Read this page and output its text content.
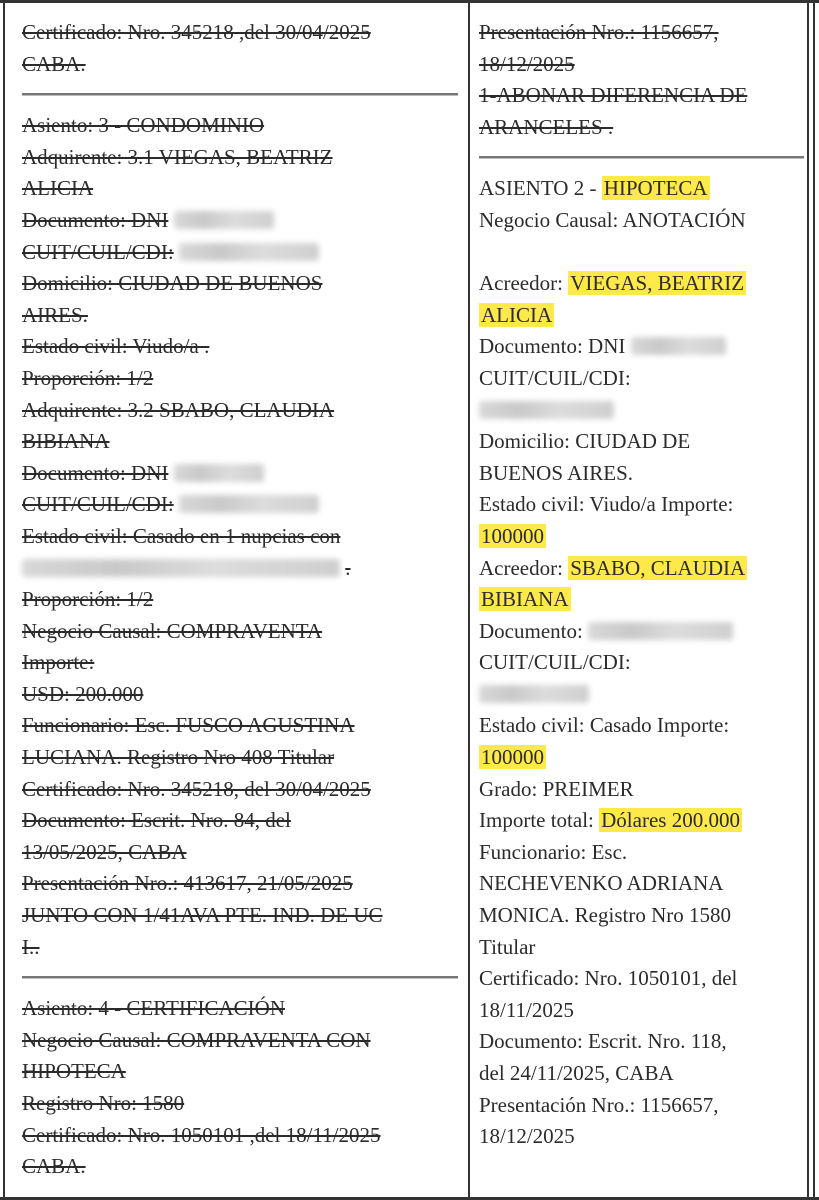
Certificado: Nro. 345218 ,del 30/04/2025
CABA.
Asiento: 3 - CONDOMINIO
Adquirente: 3.1 VIEGAS, BEATRIZ
ALICIA
Documento: DNI
CUIT/CUIL/CDI:
Domicilio: CIUDAD DE BUENOS
AIRES.
Estado civil: Viudo/a .
Proporción: 1/2
Adquirente: 3.2 SBABO, CLAUDIA
BIBIANA
Documento: DNI
CUIT/CUIL/CDI:
Estado civil: Casado en 1 nupcias con
.
Proporción: 1/2
Negocio Causal: COMPRAVENTA
Importe:
USD: 200.000
Funcionario: Esc. FUSCO AGUSTINA
LUCIANA. Registro Nro 408 Titular
Certificado: Nro. 345218, del 30/04/2025
Documento: Escrit. Nro. 84, del
13/05/2025, CABA
Presentación Nro.: 413617, 21/05/2025
JUNTO CON 1/41AVA PTE. IND. DE UC
I..
Asiento: 4 - CERTIFICACIÓN
Negocio Causal: COMPRAVENTA CON
HIPOTECA
Registro Nro: 1580
Certificado: Nro. 1050101 ,del 18/11/2025
CABA.
Presentación Nro.: 1156657,
18/12/2025
1-ABONAR DIFERENCIA DE
ARANCELES .
ASIENTO 2 - HIPOTECA
Negocio Causal: ANOTACIÓN
Acreedor: VIEGAS, BEATRIZ
ALICIA
Documento: DNI
CUIT/CUIL/CDI:
Domicilio: CIUDAD DE
BUENOS AIRES.
Estado civil: Viudo/a Importe:
100000
Acreedor: SBABO, CLAUDIA
BIBIANA
Documento:
CUIT/CUIL/CDI:
Estado civil: Casado Importe:
100000
Grado: PREIMER
Importe total: Dólares 200.000
Funcionario: Esc.
NECHEVENKO ADRIANA
MONICA. Registro Nro 1580
Titular
Certificado: Nro. 1050101, del
18/11/2025
Documento: Escrit. Nro. 118,
del 24/11/2025, CABA
Presentación Nro.: 1156657,
18/12/2025
